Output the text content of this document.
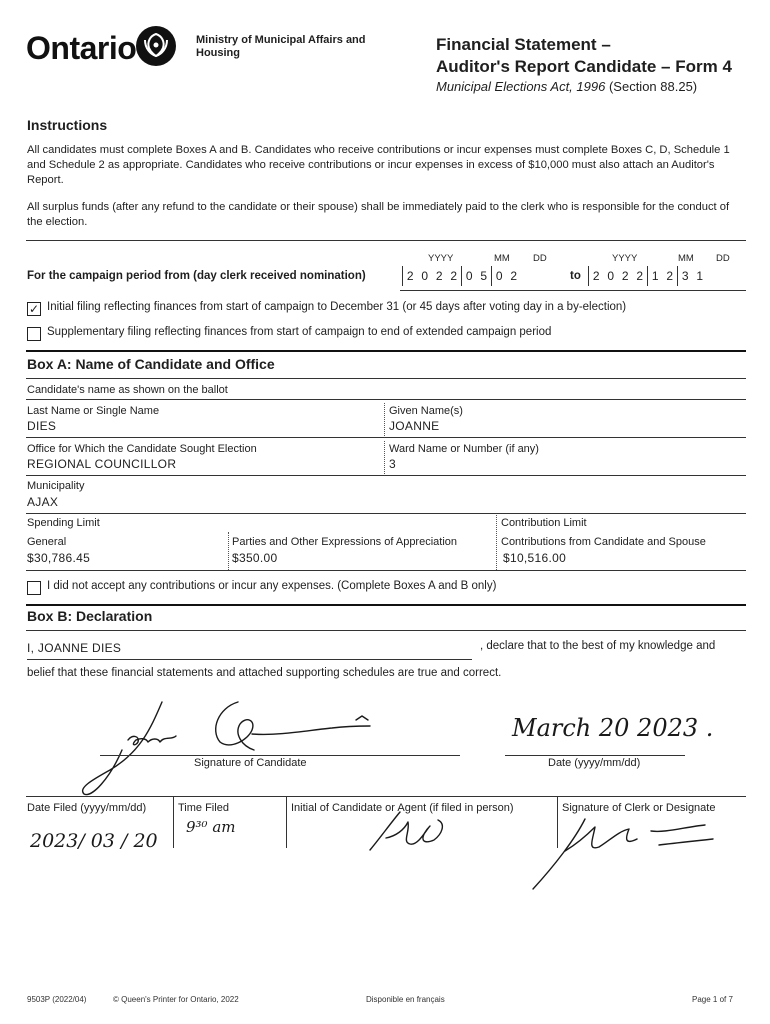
Ontario	Ministry of Municipal Affairs and Housing	Financial Statement –
Auditor's Report Candidate – Form 4
Municipal Elections Act, 1996 (Section 88.25)
Instructions
All candidates must complete Boxes A and B. Candidates who receive contributions or incur expenses must complete Boxes C, D, Schedule 1 and Schedule 2 as appropriate. Candidates who receive contributions or incur expenses in excess of $10,000 must also attach an Auditor's Report.
All surplus funds (after any refund to the candidate or their spouse) shall be immediately paid to the clerk who is responsible for the conduct of the election.
For the campaign period from (day clerk received nomination)
YYYY	MM DD	YYYY	MM DD
2 0 2 2 0 5 0 2	to	2 0 2 2 1 2 3 1
✓ Initial filing reflecting finances from start of campaign to December 31 (or 45 days after voting day in a by-election)
Supplementary filing reflecting finances from start of campaign to end of extended campaign period
Box A: Name of Candidate and Office
Candidate's name as shown on the ballot
Last Name or Single Name
DIES
Given Name(s)
JOANNE
Office for Which the Candidate Sought Election
REGIONAL COUNCILLOR
Ward Name or Number (if any)
3
Municipality
AJAX
Spending Limit	Contribution Limit
General
$30,786.45
Parties and Other Expressions of Appreciation
$350.00
Contributions from Candidate and Spouse
$10,516.00
I did not accept any contributions or incur any expenses. (Complete Boxes A and B only)
Box B: Declaration
I, JOANNE DIES	, declare that to the best of my knowledge and
belief that these financial statements and attached supporting schedules are true and correct.
Signature of Candidate
March 20 2023 .
Date (yyyy/mm/dd)
Date Filed (yyyy/mm/dd)	Time Filed	Initial of Candidate or Agent (if filed in person)	Signature of Clerk or Designate
2023/ 03 / 20
9³⁰ am
9503P (2022/04)	© Queen's Printer for Ontario, 2022	Disponible en français	Page 1 of 7
